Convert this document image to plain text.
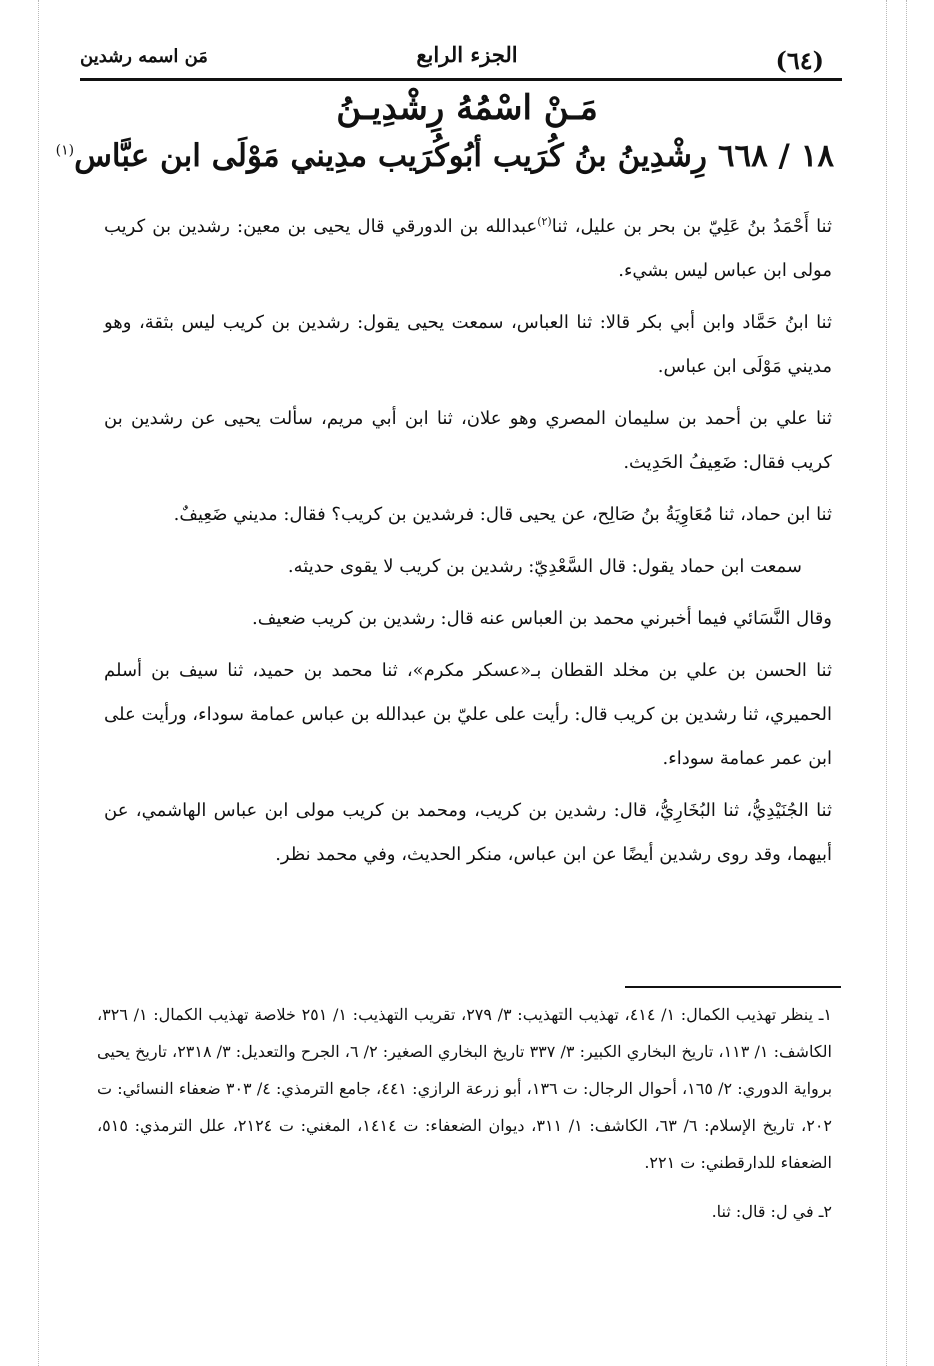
(٦٤)
الجزء الرابع
مَن اسمه رشدين
مَـنْ اسْمُهُ رِشْدِيـنُ
١٨ / ٦٦٨ رِشْدِينُ بنُ كُرَيب أبُوكُرَيب مدِيني مَوْلَى ابن عبَّاس$^{(١)}$

ثنا أَحْمَدُ بنُ عَلِيّ بن بحر بن عليل، ثنا$^{(٢)}$عبدالله بن الدورقي قال يحيى بن معين: رشدين بن كريب مولى ابن عباس ليس بشيء.

ثنا ابنُ حَمَّاد وابن أبي بكر قالا: ثنا العباس، سمعت يحيى يقول: رشدين بن كريب ليس بثقة، وهو مديني مَوْلَى ابن عباس.

ثنا علي بن أحمد بن سليمان المصري وهو علان، ثنا ابن أبي مريم، سألت يحيى عن رشدين بن كريب فقال: ضَعِيفُ الحَدِيث.

ثنا ابن حماد، ثنا مُعَاوِيَةُ بنُ صَالِح، عن يحيى قال: فرشدين بن كريب؟ فقال: مديني ضَعِيفٌ.

سمعت ابن حماد يقول: قال السَّعْدِيّ: رشدين بن كريب لا يقوى حديثه.

وقال النَّسَائي فيما أخبرني محمد بن العباس عنه قال: رشدين بن كريب ضعيف.

ثنا الحسن بن علي بن مخلد القطان بـ«عسكر مكرم»، ثنا محمد بن حميد، ثنا سيف بن أسلم الحميري، ثنا رشدين بن كريب قال: رأيت على عليّ بن عبدالله بن عباس عمامة سوداء، ورأيت على ابن عمر عمامة سوداء.

ثنا الجُنَيْدِيُّ، ثنا البُخَارِيُّ، قال: رشدين بن كريب، ومحمد بن كريب مولى ابن عباس الهاشمي، عن أبيهما، وقد روى رشدين أيضًا عن ابن عباس، منكر الحديث، وفي محمد نظر.

١ـ ينظر تهذيب الكمال: ١/ ٤١٤، تهذيب التهذيب: ٣/ ٢٧٩، تقريب التهذيب: ١/ ٢٥١ خلاصة تهذيب الكمال: ١/ ٣٢٦، الكاشف: ١/ ١١٣، تاريخ البخاري الكبير: ٣/ ٣٣٧ تاريخ البخاري الصغير: ٢/ ٦، الجرح والتعديل: ٣/ ٢٣١٨، تاريخ يحيى برواية الدوري: ٢/ ١٦٥، أحوال الرجال: ت ١٣٦، أبو زرعة الرازي: ٤٤١، جامع الترمذي: ٤/ ٣٠٣ ضعفاء النسائي: ت ٢٠٢، تاريخ الإسلام: ٦/ ٦٣، الكاشف: ١/ ٣١١، ديوان الضعفاء: ت ١٤١٤، المغني: ت ٢١٢٤، علل الترمذي: ٥١٥، الضعفاء للدارقطني: ت ٢٢١.

٢ـ في ل: قال: ثنا.
